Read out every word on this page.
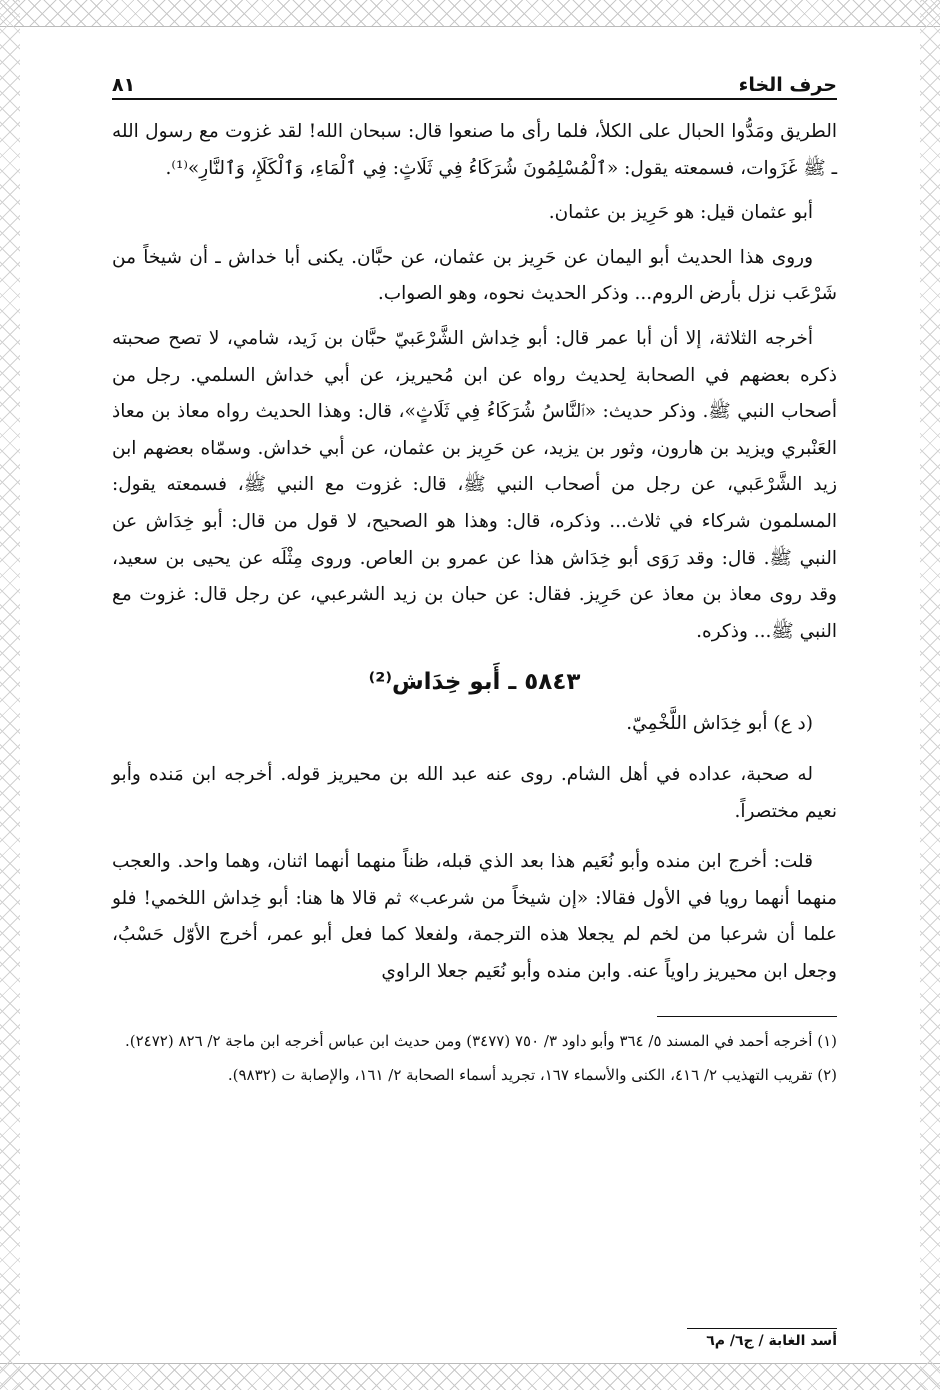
حرف الخاء
٨١

الطريق ومَدُّوا الحبال على الكلأ، فلما رأى ما صنعوا قال: سبحان الله! لقد غزوت مع رسول الله ـ ﷺ غَزَوات، فسمعته يقول: «ٱلْمُسْلِمُونَ شُرَكَاءُ فِي ثَلَاثٍ: فِي ٱلْمَاءِ، وَٱلْكَلَإِ، وَٱلنَّارِ»⁽¹⁾.

أبو عثمان قيل: هو حَرِيز بن عثمان.

وروى هذا الحديث أبو اليمان عن حَرِيز بن عثمان، عن حبَّان. يكنى أبا خداش ـ أن شيخاً من شَرْعَب نزل بأرض الروم... وذكر الحديث نحوه، وهو الصواب.

أخرجه الثلاثة، إلا أن أبا عمر قال: أبو خِداش الشَّرْعَبيّ حبَّان بن زَيد، شامي، لا تصح صحبته ذكره بعضهم في الصحابة لِحديث رواه عن ابن مُحيريز، عن أبي خداش السلمي. رجل من أصحاب النبي ﷺ. وذكر حديث: «ٱلنَّاسُ شُرَكَاءُ فِي ثَلَاثٍ»، قال: وهذا الحديث رواه معاذ بن معاذ العَنْبري ويزيد بن هارون، وثور بن يزيد، عن حَرِيز بن عثمان، عن أبي خداش. وسمّاه بعضهم ابن زيد الشَّرْعَبي، عن رجل من أصحاب النبي ﷺ، قال: غزوت مع النبي ﷺ، فسمعته يقول: المسلمون شركاء في ثلاث... وذكره، قال: وهذا هو الصحيح، لا قول من قال: أبو خِدَاش عن النبي ﷺ. قال: وقد رَوَى أبو خِدَاش هذا عن عمرو بن العاص. وروى مِثْلَه عن يحيى بن سعيد، وقد روى معاذ بن معاذ عن حَرِيز. فقال: عن حبان بن زيد الشرعبي، عن رجل قال: غزوت مع النبي ﷺ... وذكره.

٥٨٤٣ ـ أَبو خِدَاش⁽²⁾

(د ع) أبو خِدَاش اللَّخْمِيّ.

له صحبة، عداده في أهل الشام. روى عنه عبد الله بن محيريز قوله. أخرجه ابن مَنده وأبو نعيم مختصراً.

قلت: أخرج ابن منده وأبو نُعَيم هذا بعد الذي قبله، ظناً منهما أنهما اثنان، وهما واحد. والعجب منهما أنهما رويا في الأول فقالا: «إن شيخاً من شرعب» ثم قالا ها هنا: أبو خِداش اللخمي! فلو علما أن شرعبا من لخم لم يجعلا هذه الترجمة، ولفعلا كما فعل أبو عمر، أخرج الأوّل حَسْبُ، وجعل ابن محيريز راوياً عنه. وابن منده وأبو نُعَيم جعلا الراوي

(١) أخرجه أحمد في المسند ٥/ ٣٦٤ وأبو داود ٣/ ٧٥٠ (٣٤٧٧) ومن حديث ابن عباس أخرجه ابن ماجة ٢/ ٨٢٦ (٢٤٧٢).

(٢) تقريب التهذيب ٢/ ٤١٦، الكنى والأسماء ١٦٧، تجريد أسماء الصحابة ٢/ ١٦١، والإصابة ت (٩٨٣٢).

أسد الغابة / ج٦/ م٦
